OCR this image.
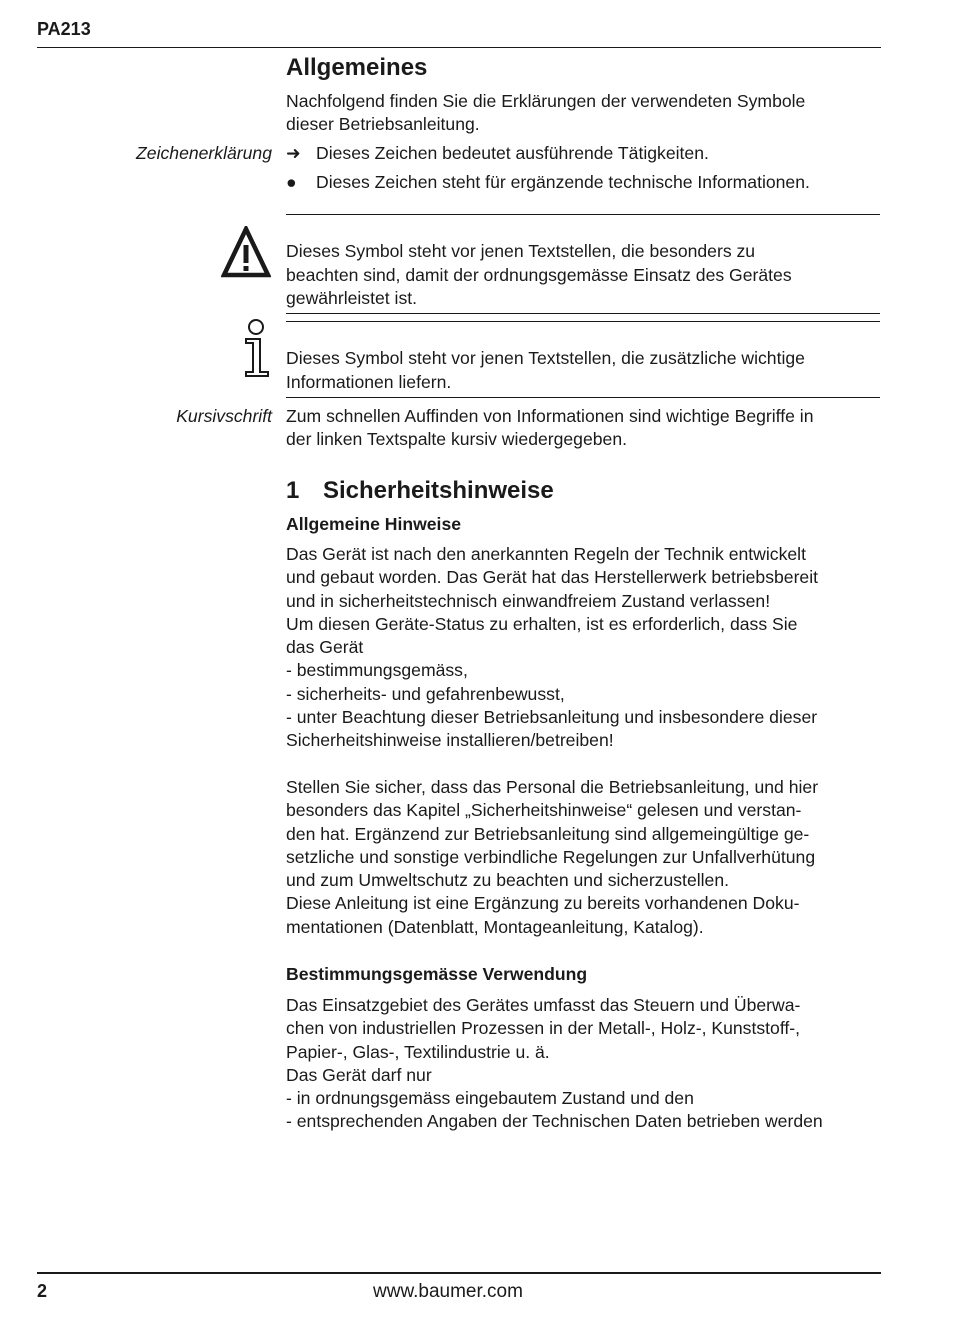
PA213
Allgemeines
Nachfolgend finden Sie die Erklärungen der verwendeten Symbole
dieser Betriebsanleitung.
Zeichenerklärung ➜ Dieses Zeichen bedeutet ausführende Tätigkeiten.
●	Dieses Zeichen steht für ergänzende technische Informationen.

Dieses Symbol steht vor jenen Textstellen, die besonders zu
beachten sind, damit der ordnungsgemässe Einsatz des Gerätes
gewährleistet ist.

Dieses Symbol steht vor jenen Textstellen, die zusätzliche wichtige
Informationen liefern.

Kursivschrift Zum schnellen Auffinden von Informationen sind wichtige Begriffe in
der linken Textspalte kursiv wiedergegeben.
1 Sicherheitshinweise
Allgemeine Hinweise
Das Gerät ist nach den anerkannten Regeln der Technik entwickelt
und gebaut worden. Das Gerät hat das Herstellerwerk betriebsbereit
und in sicherheitstechnisch einwandfreiem Zustand verlassen!
Um diesen Geräte-Status zu erhalten, ist es erforderlich, dass Sie
das Gerät
- bestimmungsgemäss,
- sicherheits- und gefahrenbewusst,
- unter Beachtung dieser Betriebsanleitung und insbesondere dieser
Sicherheitshinweise installieren/betreiben!
Stellen Sie sicher, dass das Personal die Betriebsanleitung, und hier
besonders das Kapitel „Sicherheitshinweise“ gelesen und verstan-
den hat. Ergänzend zur Betriebsanleitung sind allgemeingültige ge-
setzliche und sonstige verbindliche Regelungen zur Unfallverhütung
und zum Umweltschutz zu beachten und sicherzustellen.
Diese Anleitung ist eine Ergänzung zu bereits vorhandenen Doku-
mentationen (Datenblatt, Montageanleitung, Katalog).
Bestimmungsgemässe Verwendung
Das Einsatzgebiet des Gerätes umfasst das Steuern und Überwa-
chen von industriellen Prozessen in der Metall-, Holz-, Kunststoff-,
Papier-, Glas-, Textilindustrie u. ä.
Das Gerät darf nur
- in ordnungsgemäss eingebautem Zustand und den
- entsprechenden Angaben der Technischen Daten betrieben werden
2	www.baumer.com
